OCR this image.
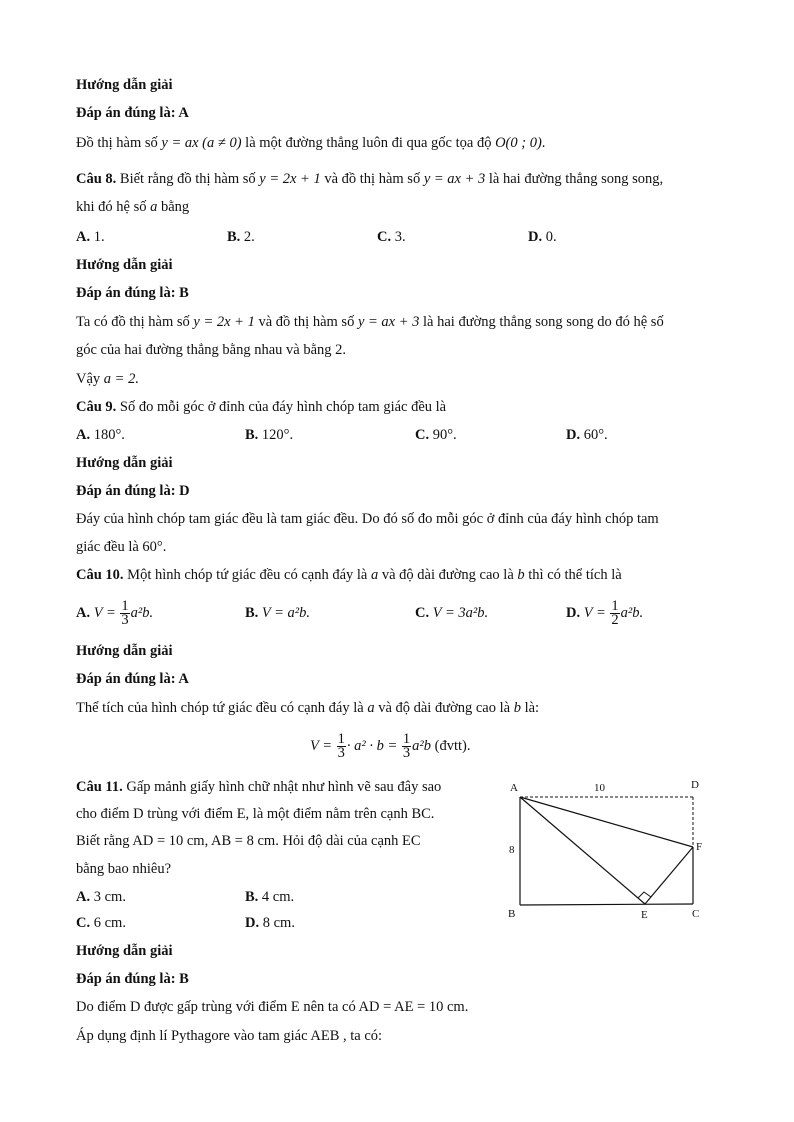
Hướng dẫn giải
Đáp án đúng là: A
Đồ thị hàm số y = ax (a ≠ 0) là một đường thẳng luôn đi qua gốc tọa độ O(0 ; 0).
Câu 8. Biết rằng đồ thị hàm số y = 2x + 1 và đồ thị hàm số y = ax + 3 là hai đường thẳng song song,
khi đó hệ số a bằng
A. 1.	B. 2.	C. 3.	D. 0.
Hướng dẫn giải
Đáp án đúng là: B
Ta có đồ thị hàm số y = 2x + 1 và đồ thị hàm số y = ax + 3 là hai đường thẳng song song do đó hệ số
góc của hai đường thẳng bằng nhau và bằng 2.
Vậy a = 2.
Câu 9. Số đo mỗi góc ở đỉnh của đáy hình chóp tam giác đều là
A. 180°.	B. 120°.	C. 90°.	D. 60°.
Hướng dẫn giải
Đáp án đúng là: D
Đáy của hình chóp tam giác đều là tam giác đều. Do đó số đo mỗi góc ở đỉnh của đáy hình chóp tam
giác đều là 60°.
Câu 10. Một hình chóp tứ giác đều có cạnh đáy là a và độ dài đường cao là b thì có thể tích là
A. $V = \frac{1}{3} a^2b$.	B. V = a²b.	C. V = 3a²b.	D. $V = \frac{1}{2} a^2b$.
Hướng dẫn giải
Đáp án đúng là: A
Thể tích của hình chóp tứ giác đều có cạnh đáy là a và độ dài đường cao là b là:
$V = \frac{1}{3} \cdot a^2 \cdot b = \frac{1}{3} a^2b$ (đvtt).
Câu 11. Gấp mảnh giấy hình chữ nhật như hình vẽ sau đây sao
cho điểm D trùng với điểm E, là một điểm nằm trên cạnh BC.
Biết rằng AD = 10 cm, AB = 8 cm. Hỏi độ dài của cạnh EC
bằng bao nhiêu?
A. 3 cm.	B. 4 cm.
C. 6 cm.	D. 8 cm.
A	D
B	E	C
F
10
8
Hướng dẫn giải
Đáp án đúng là: B
Do điểm D được gấp trùng với điểm E nên ta có AD = AE = 10 cm.
Áp dụng định lí Pythagore vào tam giác AEB , ta có:
